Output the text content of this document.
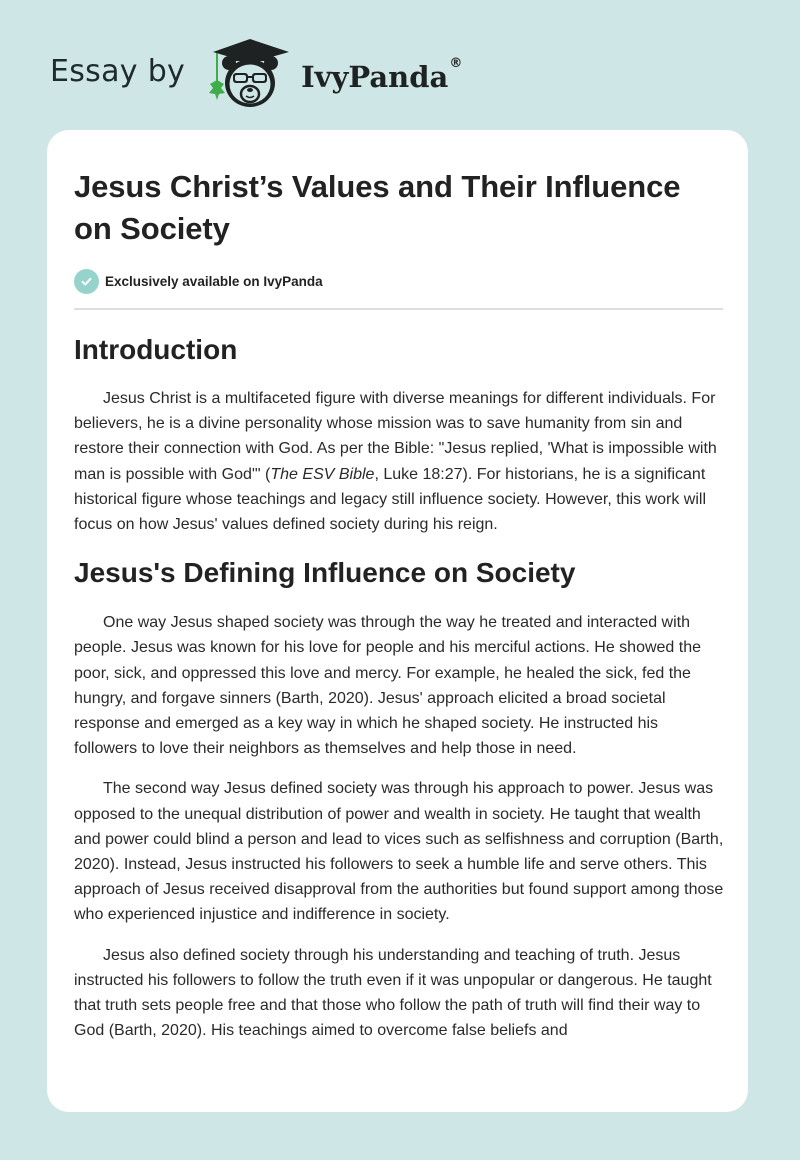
Essay by	IvyPanda®
Jesus Christ’s Values and Their Influence on Society
Exclusively available on IvyPanda
Introduction

Jesus Christ is a multifaceted figure with diverse meanings for different individuals. For believers, he is a divine personality whose mission was to save humanity from sin and restore their connection with God. As per the Bible: "Jesus replied, 'What is impossible with man is possible with God'" (The ESV Bible, Luke 18:27). For historians, he is a significant historical figure whose teachings and legacy still influence society. However, this work will focus on how Jesus' values defined society during his reign.

Jesus's Defining Influence on Society

One way Jesus shaped society was through the way he treated and interacted with people. Jesus was known for his love for people and his merciful actions. He showed the poor, sick, and oppressed this love and mercy. For example, he healed the sick, fed the hungry, and forgave sinners (Barth, 2020). Jesus' approach elicited a broad societal response and emerged as a key way in which he shaped society. He instructed his followers to love their neighbors as themselves and help those in need.

The second way Jesus defined society was through his approach to power. Jesus was opposed to the unequal distribution of power and wealth in society. He taught that wealth and power could blind a person and lead to vices such as selfishness and corruption (Barth, 2020). Instead, Jesus instructed his followers to seek a humble life and serve others. This approach of Jesus received disapproval from the authorities but found support among those who experienced injustice and indifference in society.

Jesus also defined society through his understanding and teaching of truth. Jesus instructed his followers to follow the truth even if it was unpopular or dangerous. He taught that truth sets people free and that those who follow the path of truth will find their way to God (Barth, 2020). His teachings aimed to overcome false beliefs and
